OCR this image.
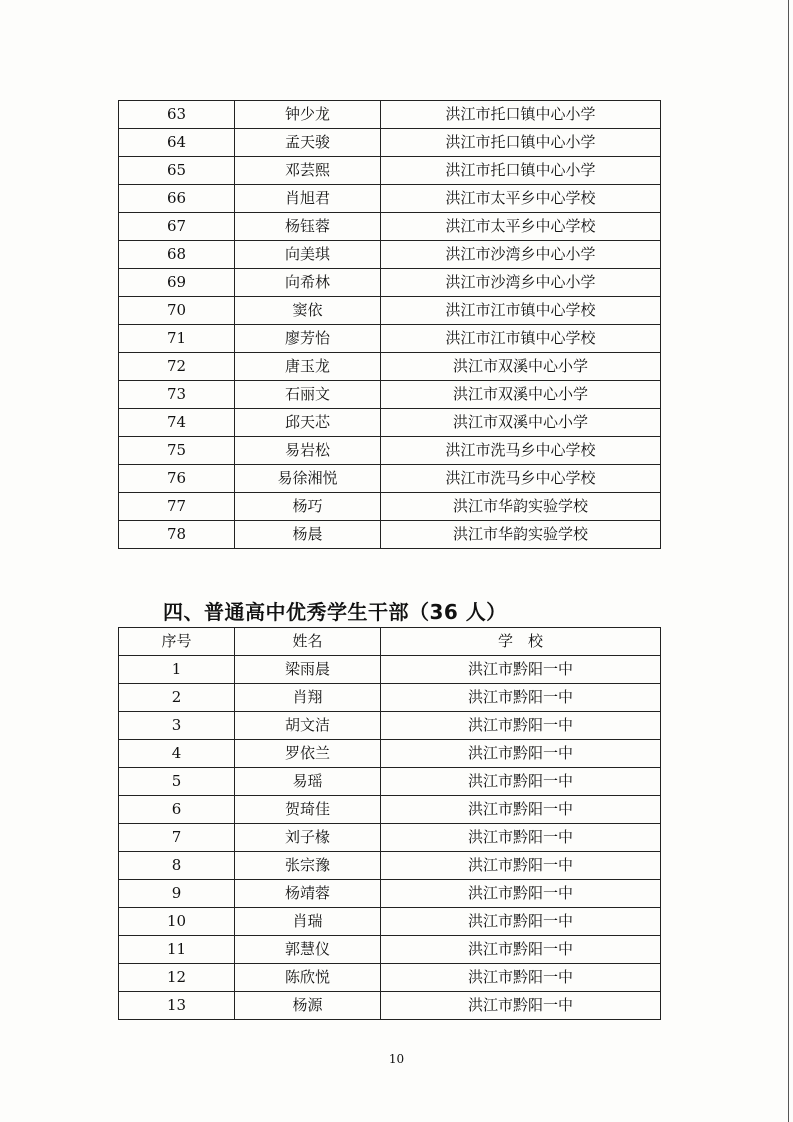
63	钟少龙	洪江市托口镇中心小学
64	孟天骏	洪江市托口镇中心小学
65	邓芸熙	洪江市托口镇中心小学
66	肖旭君	洪江市太平乡中心学校
67	杨钰蓉	洪江市太平乡中心学校
68	向美琪	洪江市沙湾乡中心小学
69	向希林	洪江市沙湾乡中心小学
70	窦依	洪江市江市镇中心学校
71	廖芳怡	洪江市江市镇中心学校
72	唐玉龙	洪江市双溪中心小学
73	石丽文	洪江市双溪中心小学
74	邱天芯	洪江市双溪中心小学
75	易岩松	洪江市洗马乡中心学校
76	易徐湘悦	洪江市洗马乡中心学校
77	杨巧	洪江市华韵实验学校
78	杨晨	洪江市华韵实验学校
四、普通高中优秀学生干部（36 人）
序号	姓名	学　校
1	梁雨晨	洪江市黔阳一中
2	肖翔	洪江市黔阳一中
3	胡文洁	洪江市黔阳一中
4	罗依兰	洪江市黔阳一中
5	易瑶	洪江市黔阳一中
6	贺琦佳	洪江市黔阳一中
7	刘子椽	洪江市黔阳一中
8	张宗豫	洪江市黔阳一中
9	杨靖蓉	洪江市黔阳一中
10	肖瑞	洪江市黔阳一中
11	郭慧仪	洪江市黔阳一中
12	陈欣悦	洪江市黔阳一中
13	杨源	洪江市黔阳一中
10
